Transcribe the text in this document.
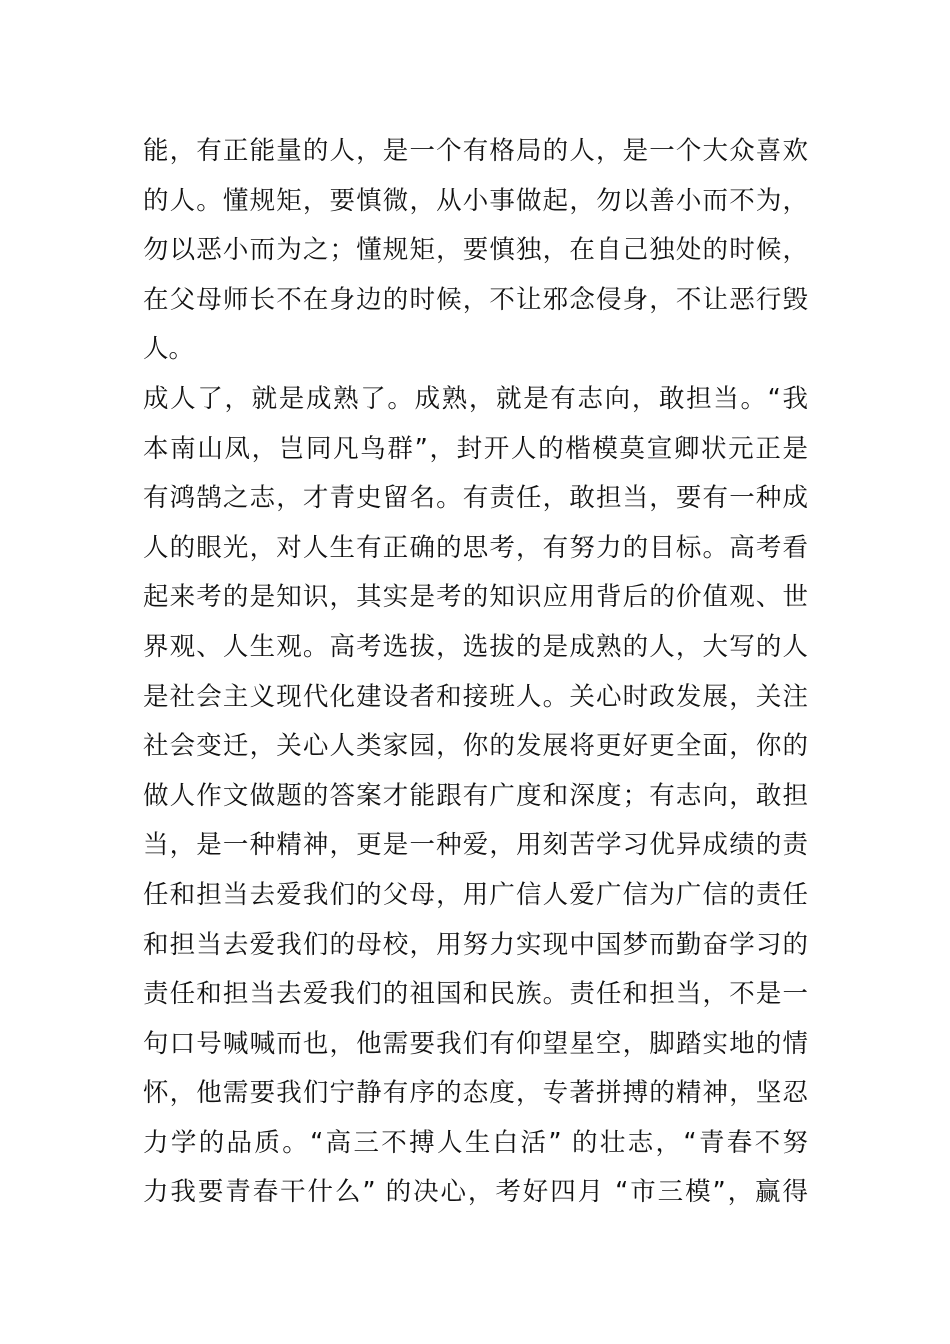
能，有正能量的人，是一个有格局的人，是一个大众喜欢
的人。懂规矩，要慎微，从小事做起，勿以善小而不为，
勿以恶小而为之；懂规矩，要慎独，在自己独处的时候，
在父母师长不在身边的时候，不让邪念侵身，不让恶行毁
人。
成人了，就是成熟了。成熟，就是有志向，敢担当。“我
本南山凤，岂同凡鸟群”，封开人的楷模莫宣卿状元正是
有鸿鹄之志，才青史留名。有责任，敢担当，要有一种成
人的眼光，对人生有正确的思考，有努力的目标。高考看
起来考的是知识，其实是考的知识应用背后的价值观、世
界观、人生观。高考选拔，选拔的是成熟的人，大写的人
是社会主义现代化建设者和接班人。关心时政发展，关注
社会变迁，关心人类家园，你的发展将更好更全面，你的
做人作文做题的答案才能跟有广度和深度；有志向，敢担
当，是一种精神，更是一种爱，用刻苦学习优异成绩的责
任和担当去爱我们的父母，用广信人爱广信为广信的责任
和担当去爱我们的母校，用努力实现中国梦而勤奋学习的
责任和担当去爱我们的祖国和民族。责任和担当，不是一
句口号喊喊而也，他需要我们有仰望星空，脚踏实地的情
怀，他需要我们宁静有序的态度，专著拼搏的精神，坚忍
力学的品质。“高三不搏人生白活” 的壮志，“青春不努
力我要青春干什么” 的决心，考好四月 “市三模”，赢得
